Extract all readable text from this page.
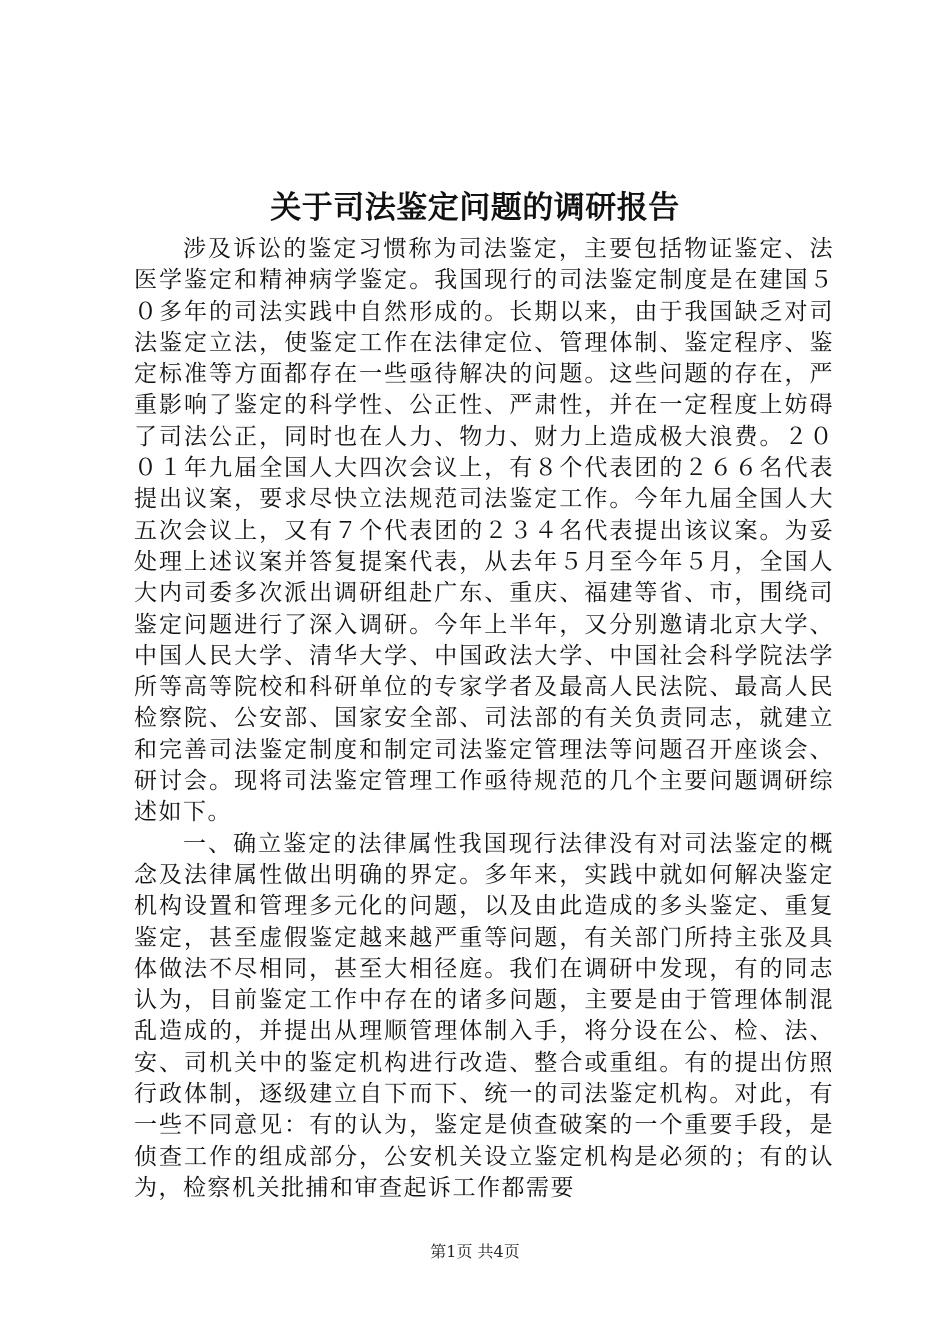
关于司法鉴定问题的调研报告

涉及诉讼的鉴定习惯称为司法鉴定，主要包括物证鉴定、法医学鉴定和精神病学鉴定。我国现行的司法鉴定制度是在建国５０多年的司法实践中自然形成的。长期以来，由于我国缺乏对司法鉴定立法，使鉴定工作在法律定位、管理体制、鉴定程序、鉴定标准等方面都存在一些亟待解决的问题。这些问题的存在，严重影响了鉴定的科学性、公正性、严肃性，并在一定程度上妨碍了司法公正，同时也在人力、物力、财力上造成极大浪费。２００１年九届全国人大四次会议上，有８个代表团的２６６名代表提出议案，要求尽快立法规范司法鉴定工作。今年九届全国人大五次会议上，又有７个代表团的２３４名代表提出该议案。为妥处理上述议案并答复提案代表，从去年５月至今年５月，全国人大内司委多次派出调研组赴广东、重庆、福建等省、市，围绕司鉴定问题进行了深入调研。今年上半年，又分别邀请北京大学、中国人民大学、清华大学、中国政法大学、中国社会科学院法学所等高等院校和科研单位的专家学者及最高人民法院、最高人民检察院、公安部、国家安全部、司法部的有关负责同志，就建立和完善司法鉴定制度和制定司法鉴定管理法等问题召开座谈会、研讨会。现将司法鉴定管理工作亟待规范的几个主要问题调研综述如下。

一、确立鉴定的法律属性我国现行法律没有对司法鉴定的概念及法律属性做出明确的界定。多年来，实践中就如何解决鉴定机构设置和管理多元化的问题，以及由此造成的多头鉴定、重复鉴定，甚至虚假鉴定越来越严重等问题，有关部门所持主张及具体做法不尽相同，甚至大相径庭。我们在调研中发现，有的同志认为，目前鉴定工作中存在的诸多问题，主要是由于管理体制混乱造成的，并提出从理顺管理体制入手，将分设在公、检、法、安、司机关中的鉴定机构进行改造、整合或重组。有的提出仿照行政体制，逐级建立自下而下、统一的司法鉴定机构。对此，有一些不同意见：有的认为，鉴定是侦查破案的一个重要手段，是侦查工作的组成部分，公安机关设立鉴定机构是必须的；有的认为，检察机关批捕和审查起诉工作都需要

第1页 共4页
